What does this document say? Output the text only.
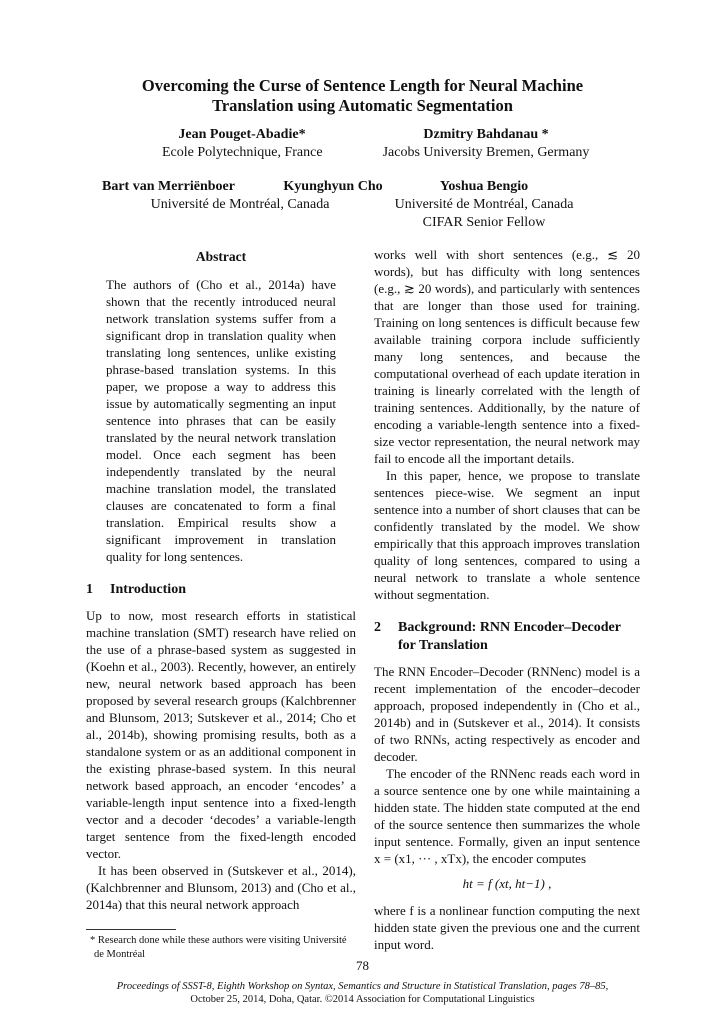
Overcoming the Curse of Sentence Length for Neural Machine
Translation using Automatic Segmentation
Jean Pouget-Abadie*
Ecole Polytechnique, France
Dzmitry Bahdanau *
Jacobs University Bremen, Germany
Bart van Merriënboer
Université de Montréal, Canada
Kyunghyun Cho	Yoshua Bengio
Université de Montréal, Canada
CIFAR Senior Fellow
Abstract

The authors of (Cho et al., 2014a) have shown that the recently introduced neural network translation systems suffer from a significant drop in translation quality when translating long sentences, unlike existing phrase-based translation systems. In this paper, we propose a way to address this issue by automatically segmenting an input sentence into phrases that can be easily translated by the neural network translation model. Once each segment has been independently translated by the neural machine translation model, the translated clauses are concatenated to form a final translation. Empirical results show a significant improvement in translation quality for long sentences.

1	Introduction

Up to now, most research efforts in statistical machine translation (SMT) research have relied on the use of a phrase-based system as suggested in (Koehn et al., 2003). Recently, however, an entirely new, neural network based approach has been proposed by several research groups (Kalchbrenner and Blunsom, 2013; Sutskever et al., 2014; Cho et al., 2014b), showing promising results, both as a standalone system or as an additional component in the existing phrase-based system. In this neural network based approach, an encoder ‘encodes’ a variable-length input sentence into a fixed-length vector and a decoder ‘decodes’ a variable-length target sentence from the fixed-length encoded vector.

It has been observed in (Sutskever et al., 2014), (Kalchbrenner and Blunsom, 2013) and (Cho et al., 2014a) that this neural network approach

* Research done while these authors were visiting Université de Montréal

works well with short sentences (e.g., ≲ 20 words), but has difficulty with long sentences (e.g., ≳ 20 words), and particularly with sentences that are longer than those used for training. Training on long sentences is difficult because few available training corpora include sufficiently many long sentences, and because the computational overhead of each update iteration in training is linearly correlated with the length of training sentences. Additionally, by the nature of encoding a variable-length sentence into a fixed-size vector representation, the neural network may fail to encode all the important details.

In this paper, hence, we propose to translate sentences piece-wise. We segment an input sentence into a number of short clauses that can be confidently translated by the model. We show empirically that this approach improves translation quality of long sentences, compared to using a neural network to translate a whole sentence without segmentation.

2	Background: RNN Encoder–Decoder
for Translation

The RNN Encoder–Decoder (RNNenc) model is a recent implementation of the encoder–decoder approach, proposed independently in (Cho et al., 2014b) and in (Sutskever et al., 2014). It consists of two RNNs, acting respectively as encoder and decoder.

The encoder of the RNNenc reads each word in a source sentence one by one while maintaining a hidden state. The hidden state computed at the end of the source sentence then summarizes the whole input sentence. Formally, given an input sentence x = (x1, ··· , xTx), the encoder computes

ht = f (xt, ht−1) ,

where f is a nonlinear function computing the next hidden state given the previous one and the current input word.

78
Proceedings of SSST-8, Eighth Workshop on Syntax, Semantics and Structure in Statistical Translation, pages 78–85,
October 25, 2014, Doha, Qatar. ©2014 Association for Computational Linguistics
